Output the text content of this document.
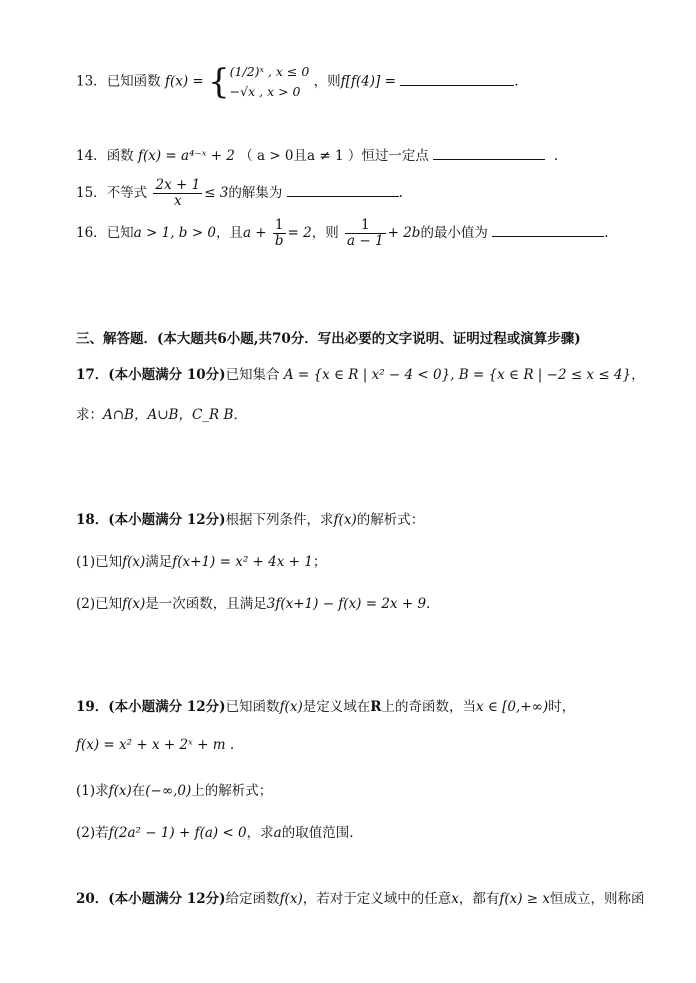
13．已知函数 f(x) = { (1/2)ˣ , x ≤ 0
−√x , x > 0
，则f[f(4)] =	.
14．函数 f(x) = a⁴⁻ˣ + 2 （ a > 0且a ≠ 1 ）恒过一定点	.
15．不等式 $\frac{2x + 1}{x} \le 3$的解集为	.
16．已知a > 1, b > 0，且$a + \frac{1}{b} = 2$，则 $\frac{1}{a - 1} + 2b$的最小值为	.
三、解答题．(本大题共6小题,共70分．写出必要的文字说明、证明过程或演算步骤)
17．(本小题满分 10分)已知集合 A = {x ∈ R | x² − 4 < 0}, B = {x ∈ R | −2 ≤ x ≤ 4}，
求：A∩B，A∪B，C_R B．
18．(本小题满分 12分)根据下列条件，求f(x)的解析式：
(1)已知f(x)满足f(x+1) = x² + 4x + 1；
(2)已知f(x)是一次函数，且满足3f(x+1) − f(x) = 2x + 9.
19．(本小题满分 12分)已知函数f(x)是定义域在R上的奇函数，当x ∈ [0,+∞)时，
f(x) = x² + x + 2ˣ + m .
(1)求f(x)在(−∞,0)上的解析式；
(2)若f(2a² − 1) + f(a) < 0，求a的取值范围.
20．(本小题满分 12分)给定函数f(x)，若对于定义域中的任意x，都有f(x) ≥ x恒成立，则称函
